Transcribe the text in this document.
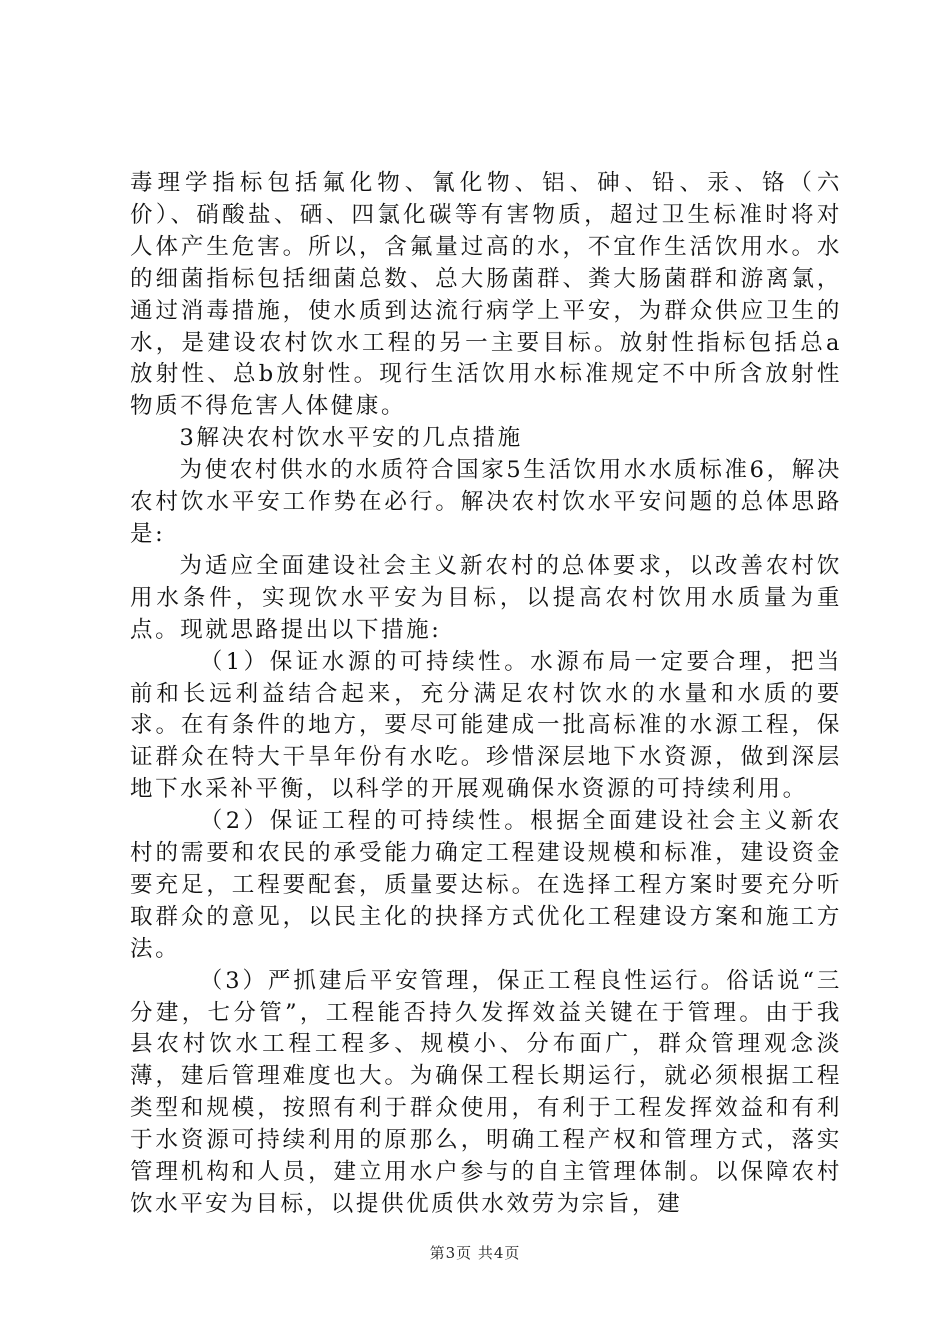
毒理学指标包括氟化物、氰化物、铝、砷、铅、汞、铬（六价）、硝酸盐、硒、四氯化碳等有害物质，超过卫生标准时将对人体产生危害。所以，含氟量过高的水，不宜作生活饮用水。水的细菌指标包括细菌总数、总大肠菌群、粪大肠菌群和游离氯，通过消毒措施，使水质到达流行病学上平安，为群众供应卫生的水，是建设农村饮水工程的另一主要目标。放射性指标包括总a放射性、总b放射性。现行生活饮用水标准规定不中所含放射性物质不得危害人体健康。

3解决农村饮水平安的几点措施

为使农村供水的水质符合国家5生活饮用水水质标准6，解决农村饮水平安工作势在必行。解决农村饮水平安问题的总体思路是:

为适应全面建设社会主义新农村的总体要求，以改善农村饮用水条件，实现饮水平安为目标，以提高农村饮用水质量为重点。现就思路提出以下措施:

（1）保证水源的可持续性。水源布局一定要合理，把当前和长远利益结合起来，充分满足农村饮水的水量和水质的要求。在有条件的地方，要尽可能建成一批高标准的水源工程，保证群众在特大干旱年份有水吃。珍惜深层地下水资源，做到深层地下水采补平衡，以科学的开展观确保水资源的可持续利用。

（2）保证工程的可持续性。根据全面建设社会主义新农村的需要和农民的承受能力确定工程建设规模和标准，建设资金要充足，工程要配套，质量要达标。在选择工程方案时要充分听取群众的意见，以民主化的抉择方式优化工程建设方案和施工方法。

（3）严抓建后平安管理，保正工程良性运行。俗话说“三分建，七分管”，工程能否持久发挥效益关键在于管理。由于我县农村饮水工程工程多、规模小、分布面广，群众管理观念淡薄，建后管理难度也大。为确保工程长期运行，就必须根据工程类型和规模，按照有利于群众使用，有利于工程发挥效益和有利于水资源可持续利用的原那么，明确工程产权和管理方式，落实管理机构和人员，建立用水户参与的自主管理体制。以保障农村饮水平安为目标，以提供优质供水效劳为宗旨，建

第3页 共4页
